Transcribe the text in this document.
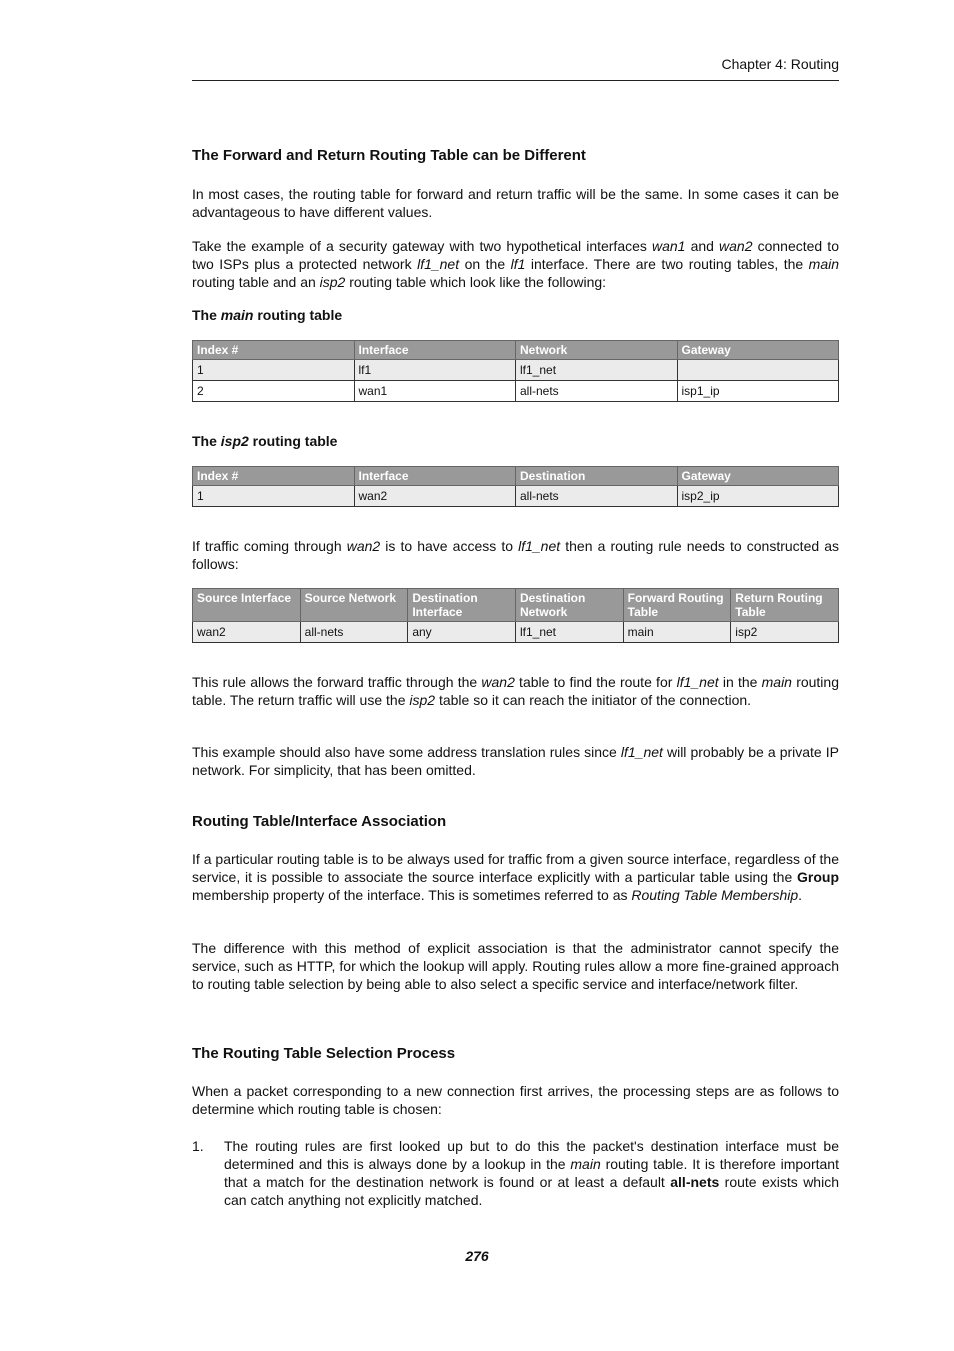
Chapter 4: Routing
The Forward and Return Routing Table can be Different

In most cases, the routing table for forward and return traffic will be the same. In some cases it can be advantageous to have different values.

Take the example of a security gateway with two hypothetical interfaces wan1 and wan2 connected to two ISPs plus a protected network lf1_net on the lf1 interface. There are two routing tables, the main routing table and an isp2 routing table which look like the following:

The main routing table
Index #	Interface	Network	Gateway
1	lf1	lf1_net	
2	wan1	all-nets	isp1_ip
The isp2 routing table
Index #	Interface	Destination	Gateway
1	wan2	all-nets	isp2_ip

If traffic coming through wan2 is to have access to lf1_net then a routing rule needs to constructed as follows:

Source Interface	Source Network	Destination Interface	Destination Network	Forward Routing Table	Return Routing Table
wan2	all-nets	any	lf1_net	main	isp2

This rule allows the forward traffic through the wan2 table to find the route for lf1_net in the main routing table. The return traffic will use the isp2 table so it can reach the initiator of the connection.

This example should also have some address translation rules since lf1_net will probably be a private IP network. For simplicity, that has been omitted.

Routing Table/Interface Association

If a particular routing table is to be always used for traffic from a given source interface, regardless of the service, it is possible to associate the source interface explicitly with a particular table using the Group membership property of the interface. This is sometimes referred to as Routing Table Membership.

The difference with this method of explicit association is that the administrator cannot specify the service, such as HTTP, for which the lookup will apply. Routing rules allow a more fine-grained approach to routing table selection by being able to also select a specific service and interface/network filter.

The Routing Table Selection Process

When a packet corresponding to a new connection first arrives, the processing steps are as follows to determine which routing table is chosen:

1. The routing rules are first looked up but to do this the packet's destination interface must be determined and this is always done by a lookup in the main routing table. It is therefore important that a match for the destination network is found or at least a default all-nets route exists which can catch anything not explicitly matched.
276
